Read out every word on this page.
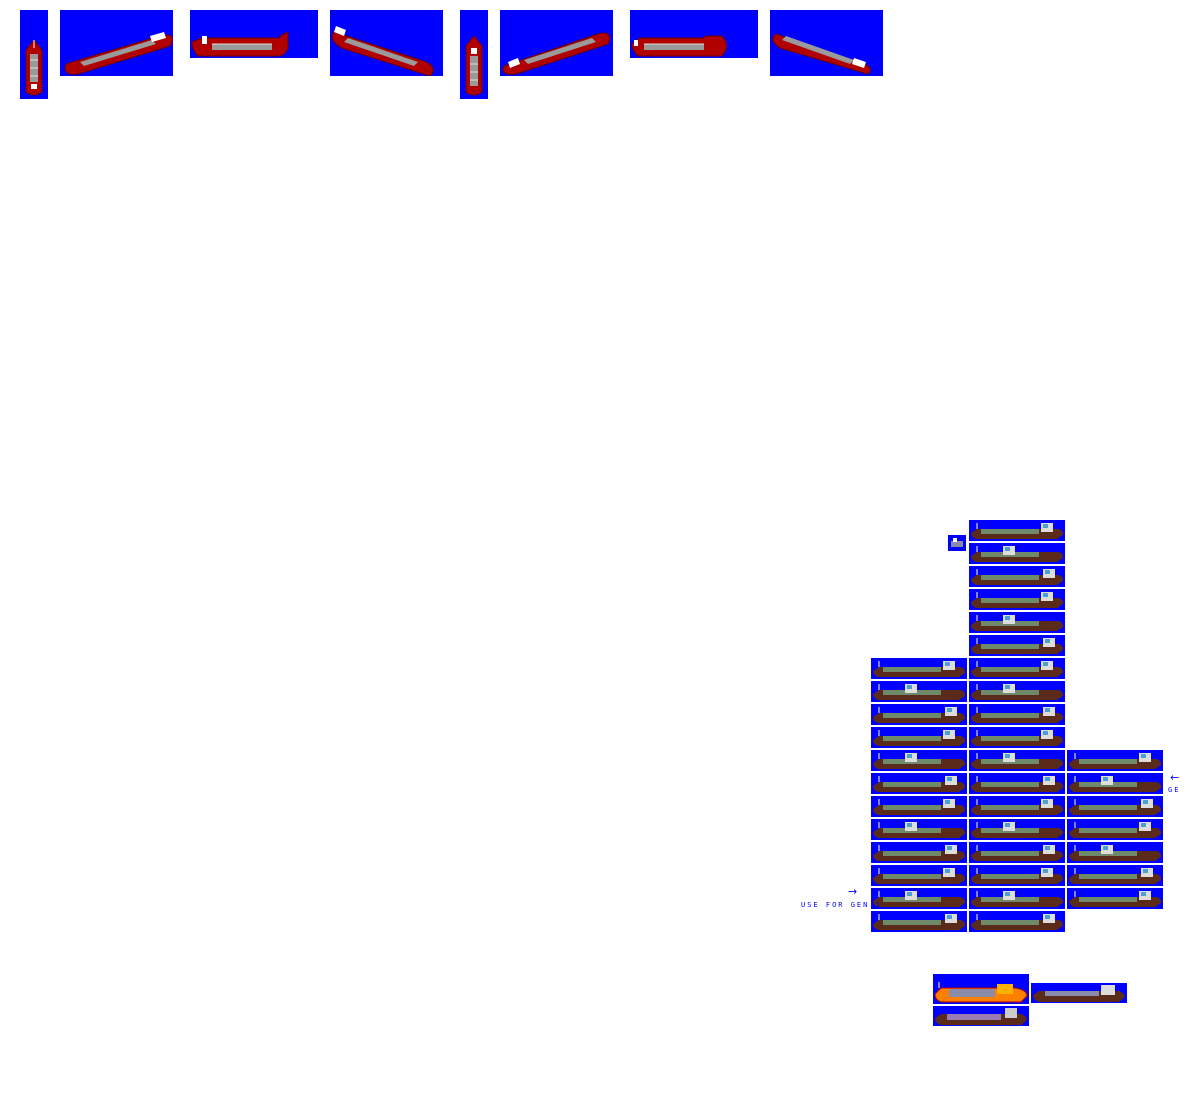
→
USE FOR GEN 1
←
GE
